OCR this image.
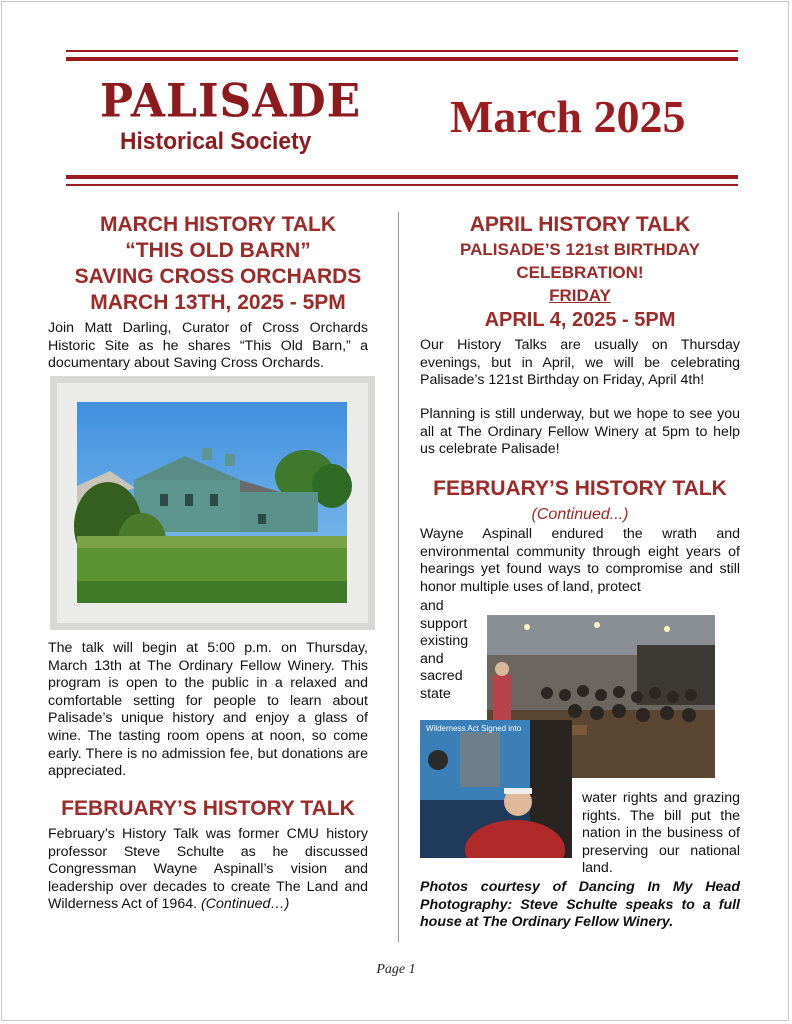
PALISADE
Historical Society	March 2025
MARCH HISTORY TALK
“THIS OLD BARN”
SAVING CROSS ORCHARDS
MARCH 13TH, 2025 - 5PM
Join Matt Darling, Curator of Cross Orchards Historic Site as he shares “This Old Barn,” a documentary about Saving Cross Orchards.
The talk will begin at 5:00 p.m. on Thursday, March 13th at The Ordinary Fellow Winery. This program is open to the public in a relaxed and comfortable setting for people to learn about Palisade’s unique history and enjoy a glass of wine. The tasting room opens at noon, so come early. There is no admission fee, but donations are appreciated.
FEBRUARY’S HISTORY TALK
February’s History Talk was former CMU history professor Steve Schulte as he discussed Congressman Wayne Aspinall’s vision and leadership over decades to create The Land and Wilderness Act of 1964. (Continued…)
APRIL HISTORY TALK
PALISADE’S 121st BIRTHDAY
CELEBRATION!
FRIDAY
APRIL 4, 2025 - 5PM
Our History Talks are usually on Thursday evenings, but in April, we will be celebrating Palisade’s 121st Birthday on Friday, April 4th!
Planning is still underway, but we hope to see you all at The Ordinary Fellow Winery at 5pm to help us celebrate Palisade!
FEBRUARY’S HISTORY TALK
(Continued...)
Wayne Aspinall endured the wrath and environmental community through eight years of hearings yet found ways to compromise and still honor multiple uses of land, protect
and
support
existing
and
sacred
state
Wilderness Act Signed into
water rights and grazing rights. The bill put the nation in the business of preserving our national land.
Photos courtesy of Dancing In My Head Photography: Steve Schulte speaks to a full house at The Ordinary Fellow Winery.
Page 1
